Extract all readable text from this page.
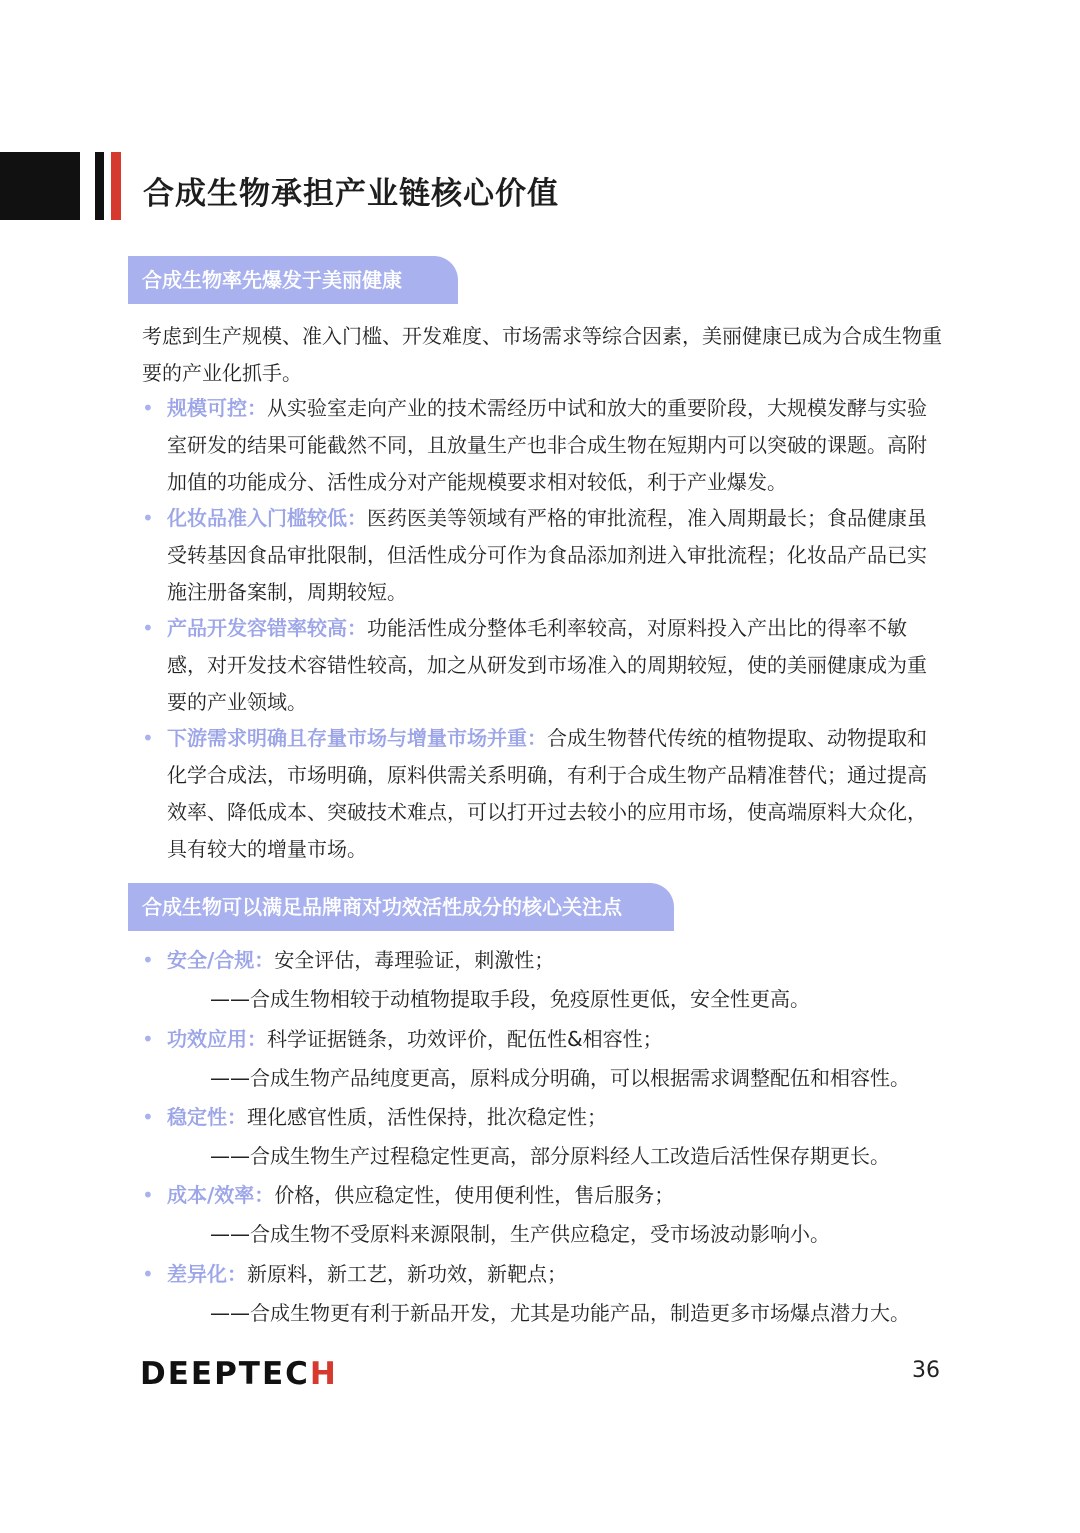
合成生物承担产业链核心价值
合成生物率先爆发于美丽健康
考虑到生产规模、准入门槛、开发难度、市场需求等综合因素，美丽健康已成为合成生物重要的产业化抓手。
• 规模可控：从实验室走向产业的技术需经历中试和放大的重要阶段，大规模发酵与实验室研发的结果可能截然不同，且放量生产也非合成生物在短期内可以突破的课题。高附加值的功能成分、活性成分对产能规模要求相对较低，利于产业爆发。
• 化妆品准入门槛较低：医药医美等领域有严格的审批流程，准入周期最长；食品健康虽受转基因食品审批限制，但活性成分可作为食品添加剂进入审批流程；化妆品产品已实施注册备案制，周期较短。
• 产品开发容错率较高：功能活性成分整体毛利率较高，对原料投入产出比的得率不敏感，对开发技术容错性较高，加之从研发到市场准入的周期较短，使的美丽健康成为重要的产业领域。
• 下游需求明确且存量市场与增量市场并重：合成生物替代传统的植物提取、动物提取和化学合成法，市场明确，原料供需关系明确，有利于合成生物产品精准替代；通过提高效率、降低成本、突破技术难点，可以打开过去较小的应用市场，使高端原料大众化，具有较大的增量市场。
合成生物可以满足品牌商对功效活性成分的核心关注点
• 安全/合规：安全评估，毒理验证，刺激性；
——合成生物相较于动植物提取手段，免疫原性更低，安全性更高。
• 功效应用：科学证据链条，功效评价，配伍性&相容性；
——合成生物产品纯度更高，原料成分明确，可以根据需求调整配伍和相容性。
• 稳定性：理化感官性质，活性保持，批次稳定性；
——合成生物生产过程稳定性更高，部分原料经人工改造后活性保存期更长。
• 成本/效率：价格，供应稳定性，使用便利性，售后服务；
——合成生物不受原料来源限制，生产供应稳定，受市场波动影响小。
• 差异化：新原料，新工艺，新功效，新靶点；
——合成生物更有利于新品开发，尤其是功能产品，制造更多市场爆点潜力大。
DEEPTECH	36
